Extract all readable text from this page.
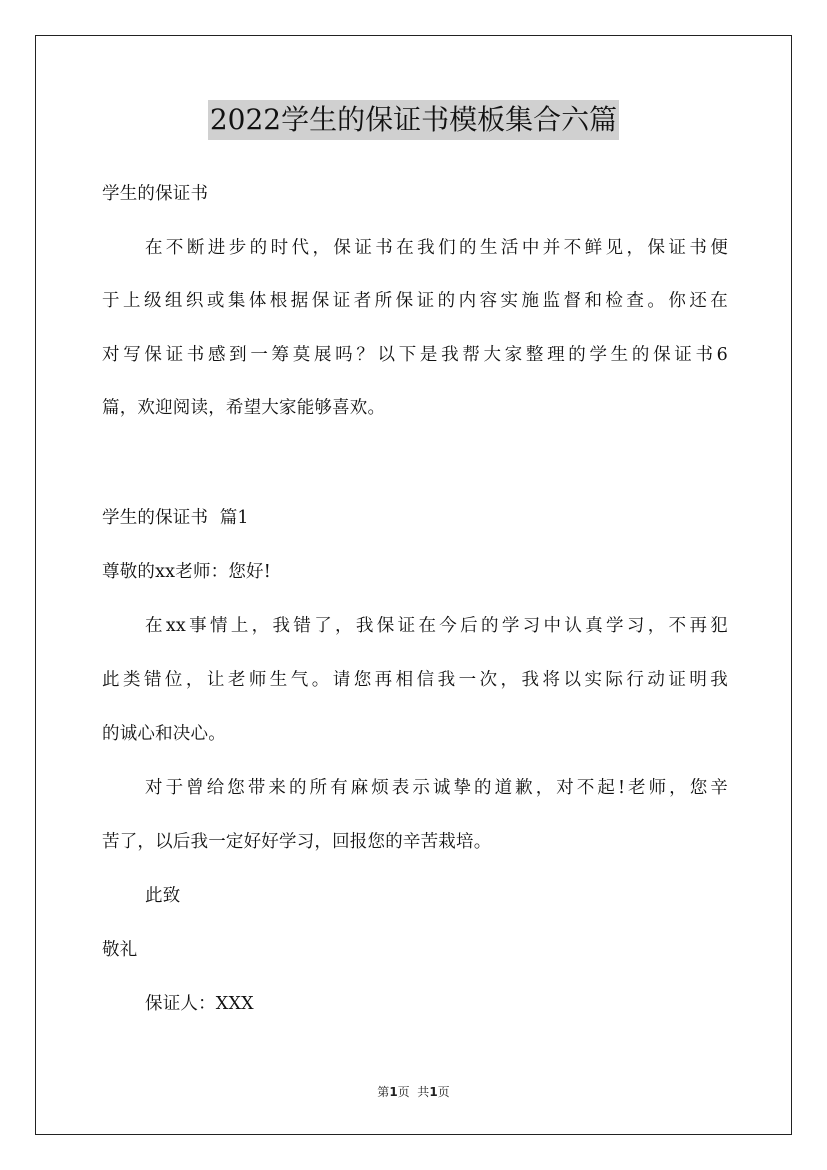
2022学生的保证书模板集合六篇
学生的保证书
在不断进步的时代，保证书在我们的生活中并不鲜见，保证书便
于上级组织或集体根据保证者所保证的内容实施监督和检查。你还在
对写保证书感到一筹莫展吗？以下是我帮大家整理的学生的保证书6
篇，欢迎阅读，希望大家能够喜欢。
学生的保证书  篇1
尊敬的xx老师：您好!
在xx事情上，我错了，我保证在今后的学习中认真学习，不再犯
此类错位，让老师生气。请您再相信我一次，我将以实际行动证明我
的诚心和决心。
对于曾给您带来的所有麻烦表示诚挚的道歉，对不起!老师，您辛
苦了，以后我一定好好学习，回报您的辛苦栽培。
此致
敬礼
保证人：XXX
第1页  共1页
